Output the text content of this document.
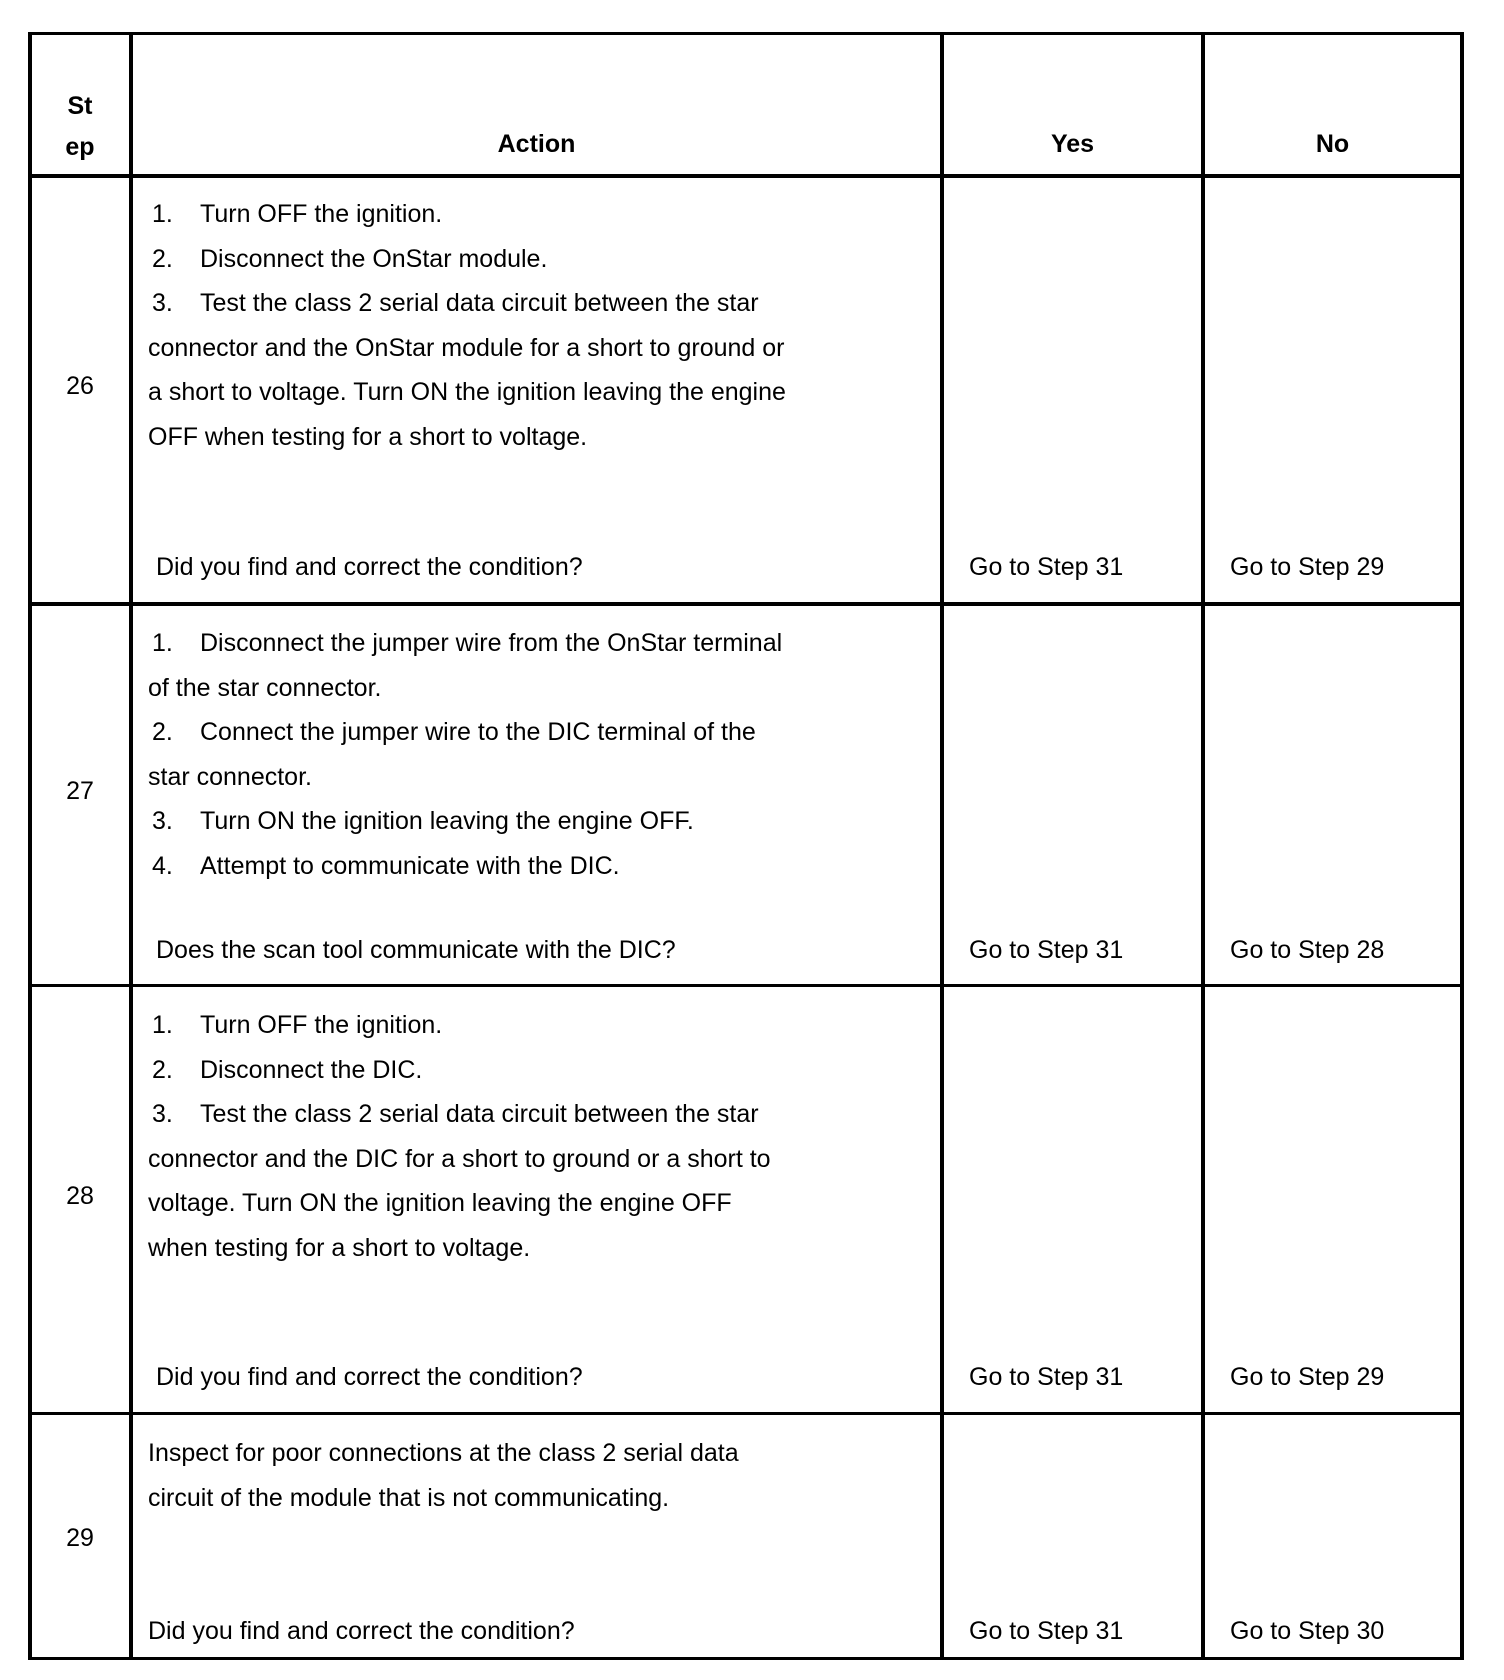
St
ep	Action	Yes	No
26
1. Turn OFF the ignition.
2. Disconnect the OnStar module.
3. Test the class 2 serial data circuit between the star
connector and the OnStar module for a short to ground or
a short to voltage. Turn ON the ignition leaving the engine
OFF when testing for a short to voltage.
Did you find and correct the condition?	Go to Step 31	Go to Step 29
27
1. Disconnect the jumper wire from the OnStar terminal
of the star connector.
2. Connect the jumper wire to the DIC terminal of the
star connector.
3. Turn ON the ignition leaving the engine OFF.
4. Attempt to communicate with the DIC.
Does the scan tool communicate with the DIC?	Go to Step 31	Go to Step 28
28
1. Turn OFF the ignition.
2. Disconnect the DIC.
3. Test the class 2 serial data circuit between the star
connector and the DIC for a short to ground or a short to
voltage. Turn ON the ignition leaving the engine OFF
when testing for a short to voltage.
Did you find and correct the condition?	Go to Step 31	Go to Step 29
29
Inspect for poor connections at the class 2 serial data
circuit of the module that is not communicating.
Did you find and correct the condition?	Go to Step 31	Go to Step 30
